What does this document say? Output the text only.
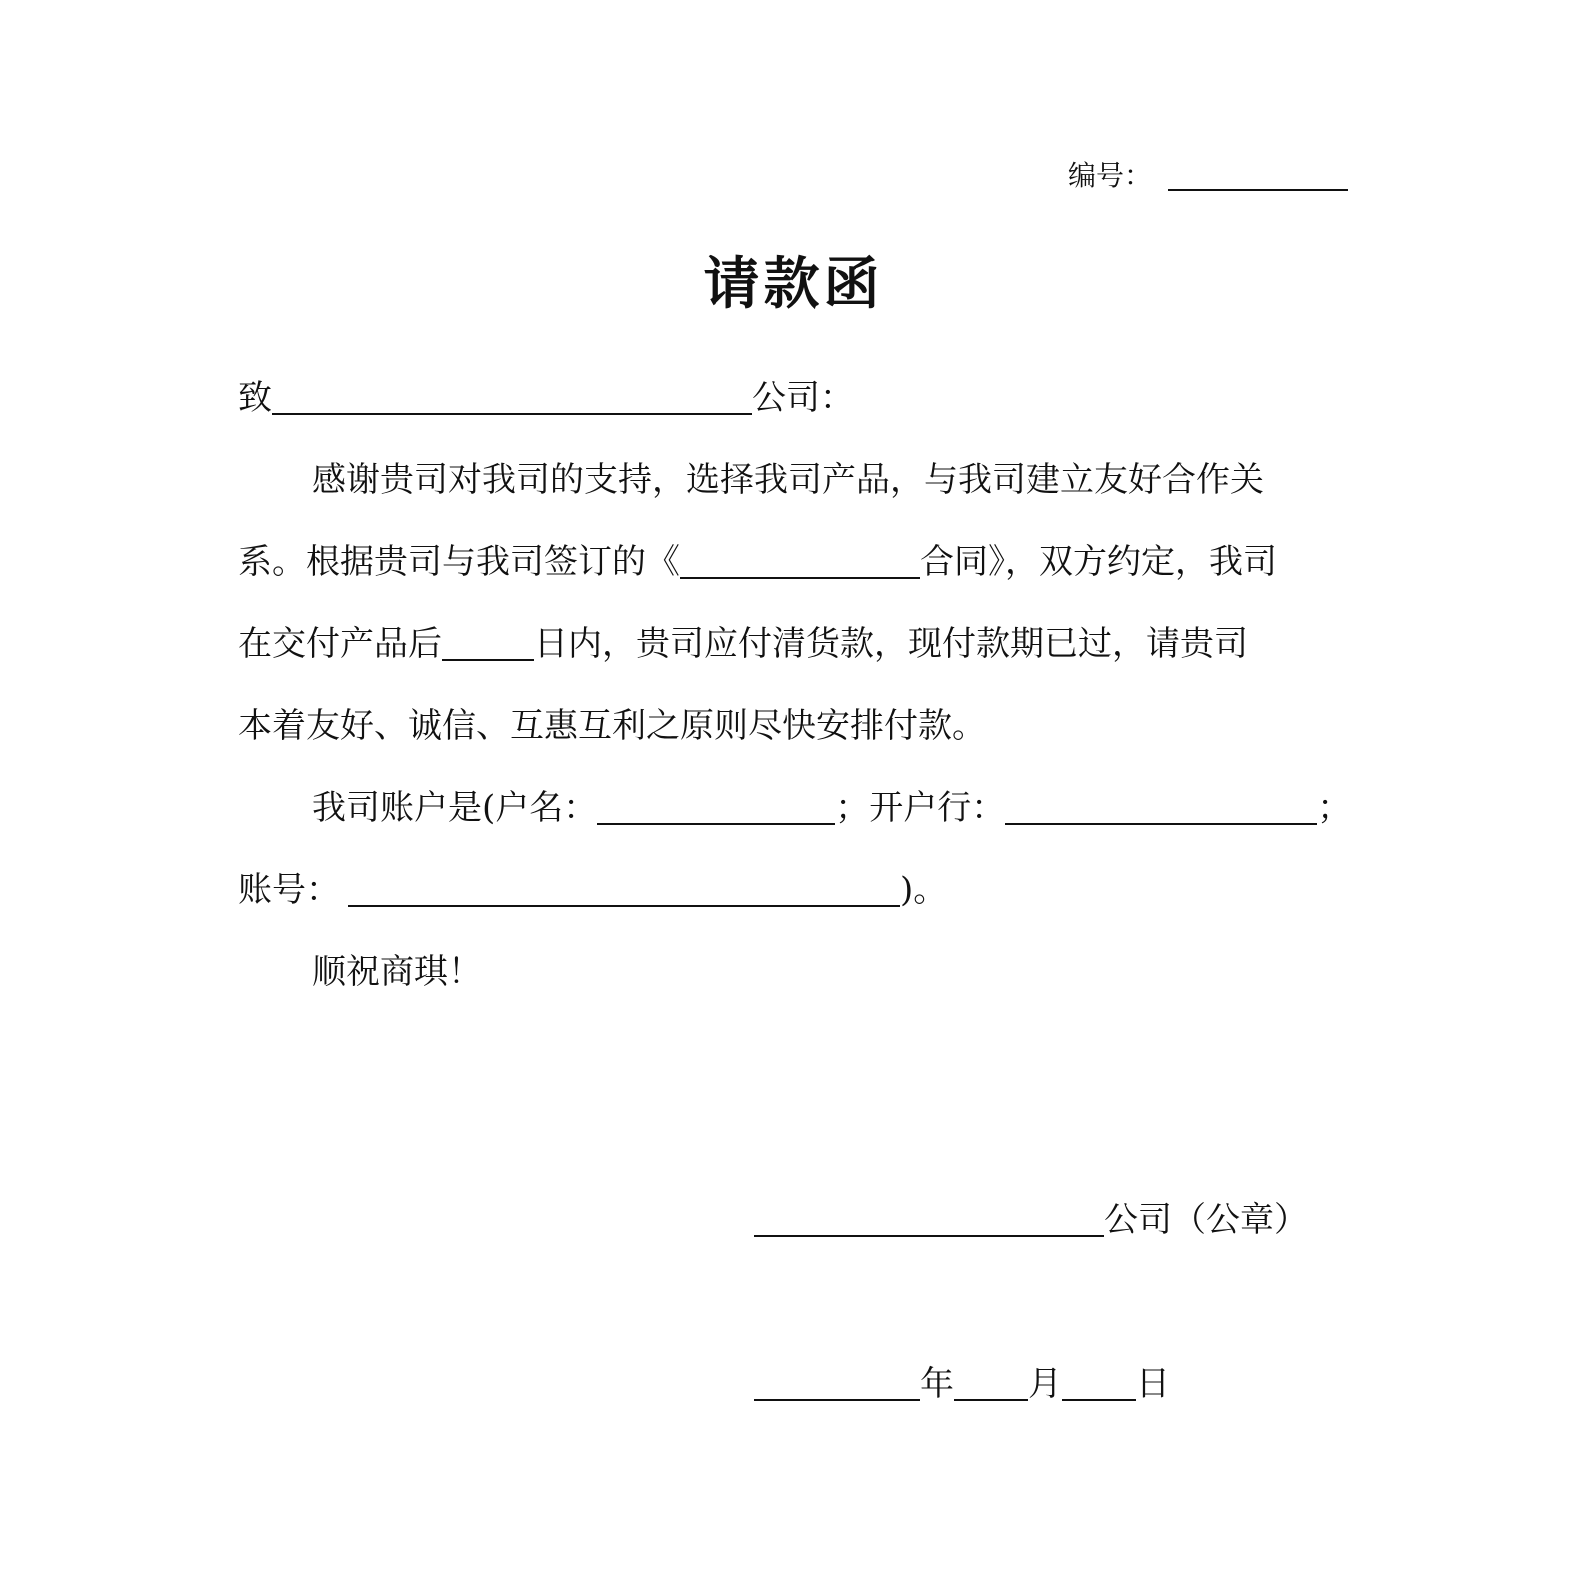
编号：
请款函
致	公司：
感谢贵司对我司的支持，选择我司产品，与我司建立友好合作关
系。根据贵司与我司签订的《	合同》，双方约定，我司
在交付产品后	日内，贵司应付清货款，现付款期已过，请贵司
本着友好、诚信、互惠互利之原则尽快安排付款。
我司账户是(户名：	；开户行：	；
账号：	)。
顺祝商琪！
公司（公章）
年 月 日
